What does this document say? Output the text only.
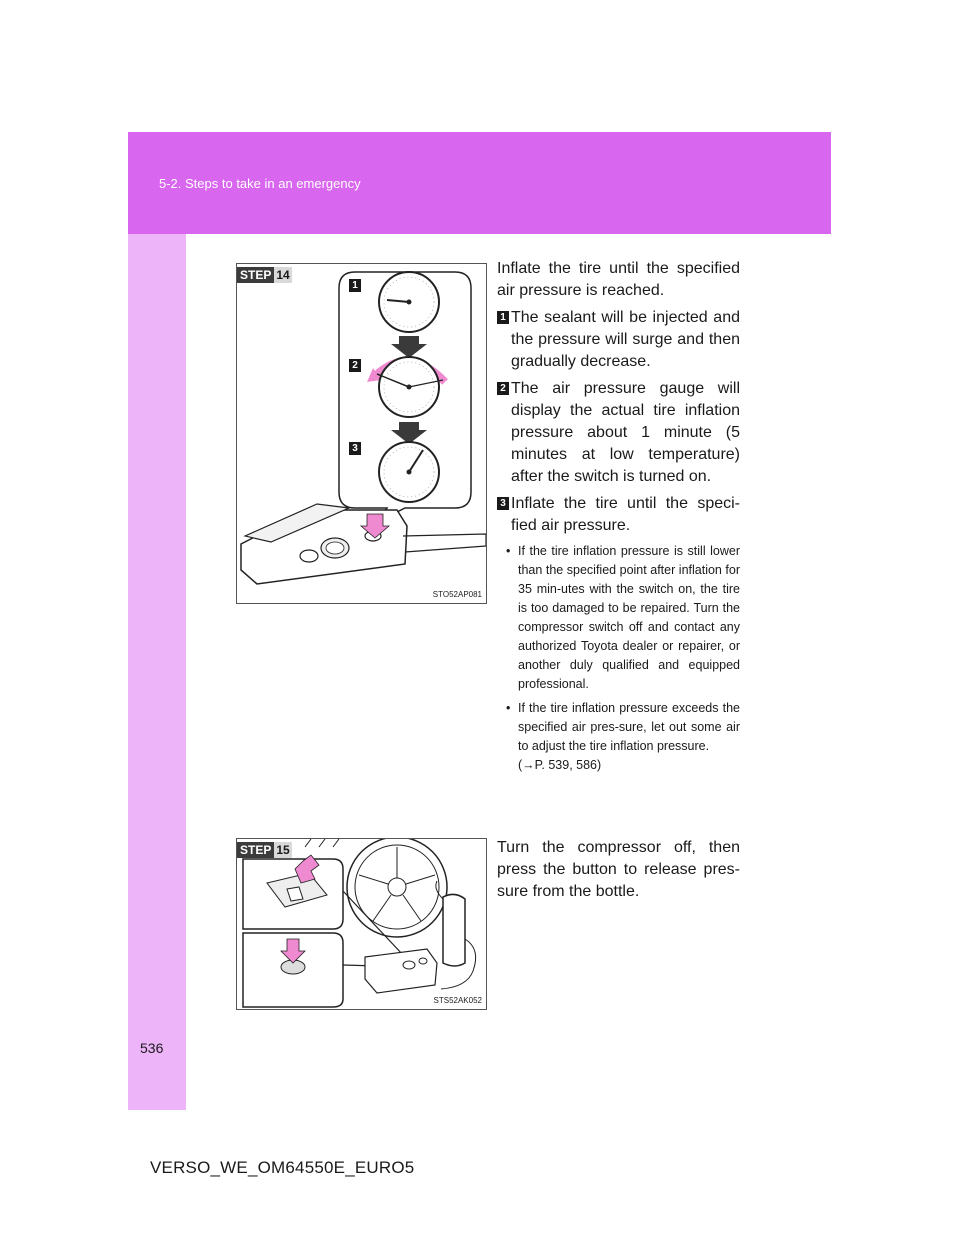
5-2. Steps to take in an emergency
STEP 14
1
2
3
STO52AP081

Inflate the tire until the specified air pressure is reached.

1 The sealant will be injected and the pressure will surge and then gradually decrease.
2 The air pressure gauge will display the actual tire inflation pressure about 1 minute (5 minutes at low temperature) after the switch is turned on.
3 Inflate the tire until the speci-fied air pressure.
• If the tire inflation pressure is still lower than the specified point after inflation for 35 min-utes with the switch on, the tire is too damaged to be repaired. Turn the compressor switch off and contact any authorized Toyota dealer or repairer, or another duly qualified and equipped professional.
• If the tire inflation pressure exceeds the specified air pres-sure, let out some air to adjust the tire inflation pressure.
(→P. 539, 586)
STEP 15
STS52AK052

Turn the compressor off, then press the button to release pres-sure from the bottle.

536
VERSO_WE_OM64550E_EURO5
